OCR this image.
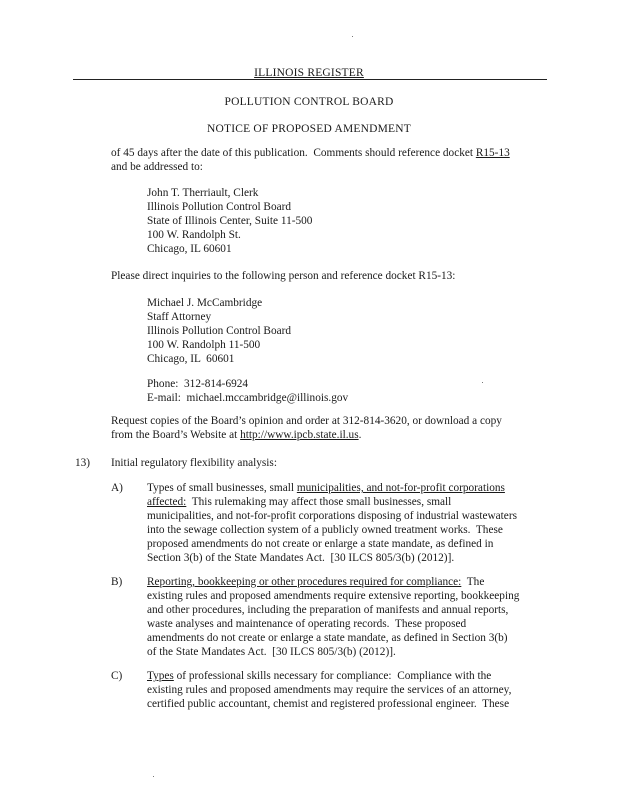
ILLINOIS REGISTER
POLLUTION CONTROL BOARD
NOTICE OF PROPOSED AMENDMENT
of 45 days after the date of this publication.  Comments should reference docket R15-13
and be addressed to:
John T. Therriault, Clerk
Illinois Pollution Control Board
State of Illinois Center, Suite 11-500
100 W. Randolph St.
Chicago, IL 60601
Please direct inquiries to the following person and reference docket R15-13:
Michael J. McCambridge
Staff Attorney
Illinois Pollution Control Board
100 W. Randolph 11-500
Chicago, IL  60601
Phone:  312-814-6924
E-mail:  michael.mccambridge@illinois.gov
Request copies of the Board’s opinion and order at 312-814-3620, or download a copy
from the Board’s Website at http://www.ipcb.state.il.us.
13) Initial regulatory flexibility analysis:
A) Types of small businesses, small municipalities, and not-for-profit corporations
affected:  This rulemaking may affect those small businesses, small
municipalities, and not-for-profit corporations disposing of industrial wastewaters
into the sewage collection system of a publicly owned treatment works.  These
proposed amendments do not create or enlarge a state mandate, as defined in
Section 3(b) of the State Mandates Act.  [30 ILCS 805/3(b) (2012)].
B) Reporting, bookkeeping or other procedures required for compliance:  The
existing rules and proposed amendments require extensive reporting, bookkeeping
and other procedures, including the preparation of manifests and annual reports,
waste analyses and maintenance of operating records.  These proposed
amendments do not create or enlarge a state mandate, as defined in Section 3(b)
of the State Mandates Act.  [30 ILCS 805/3(b) (2012)].
C) Types of professional skills necessary for compliance:  Compliance with the
existing rules and proposed amendments may require the services of an attorney,
certified public accountant, chemist and registered professional engineer.  These
